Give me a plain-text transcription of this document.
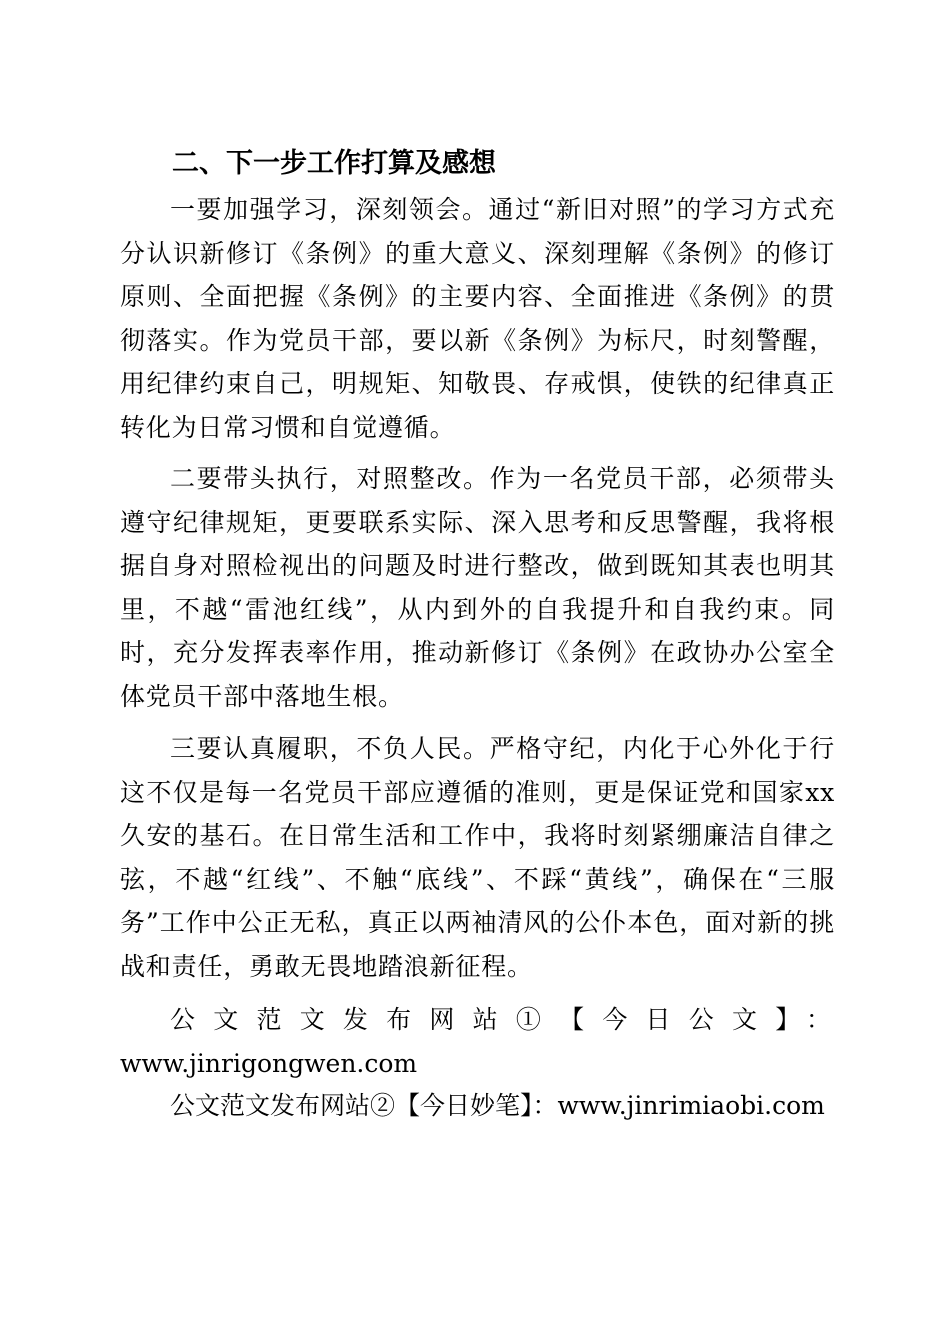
二、下一步工作打算及感想

一要加强学习，深刻领会。通过“新旧对照”的学习方式充分认识新修订《条例》的重大意义、深刻理解《条例》的修订原则、全面把握《条例》的主要内容、全面推进《条例》的贯彻落实。作为党员干部，要以新《条例》为标尺，时刻警醒，用纪律约束自己，明规矩、知敬畏、存戒惧，使铁的纪律真正转化为日常习惯和自觉遵循。

二要带头执行，对照整改。作为一名党员干部，必须带头遵守纪律规矩，更要联系实际、深入思考和反思警醒，我将根据自身对照检视出的问题及时进行整改，做到既知其表也明其里，不越“雷池红线”，从内到外的自我提升和自我约束。同时，充分发挥表率作用，推动新修订《条例》在政协办公室全体党员干部中落地生根。

三要认真履职，不负人民。严格守纪，内化于心外化于行这不仅是每一名党员干部应遵循的准则，更是保证党和国家xx久安的基石。在日常生活和工作中，我将时刻紧绷廉洁自律之弦，不越“红线”、不触“底线”、不踩“黄线”，确保在“三服务”工作中公正无私，真正以两袖清风的公仆本色，面对新的挑战和责任，勇敢无畏地踏浪新征程。

公文范文发布网站①【今日公文】：
www.jinrigongwen.com
公文范文发布网站②【今日妙笔】：www.jinrimiaobi.com
